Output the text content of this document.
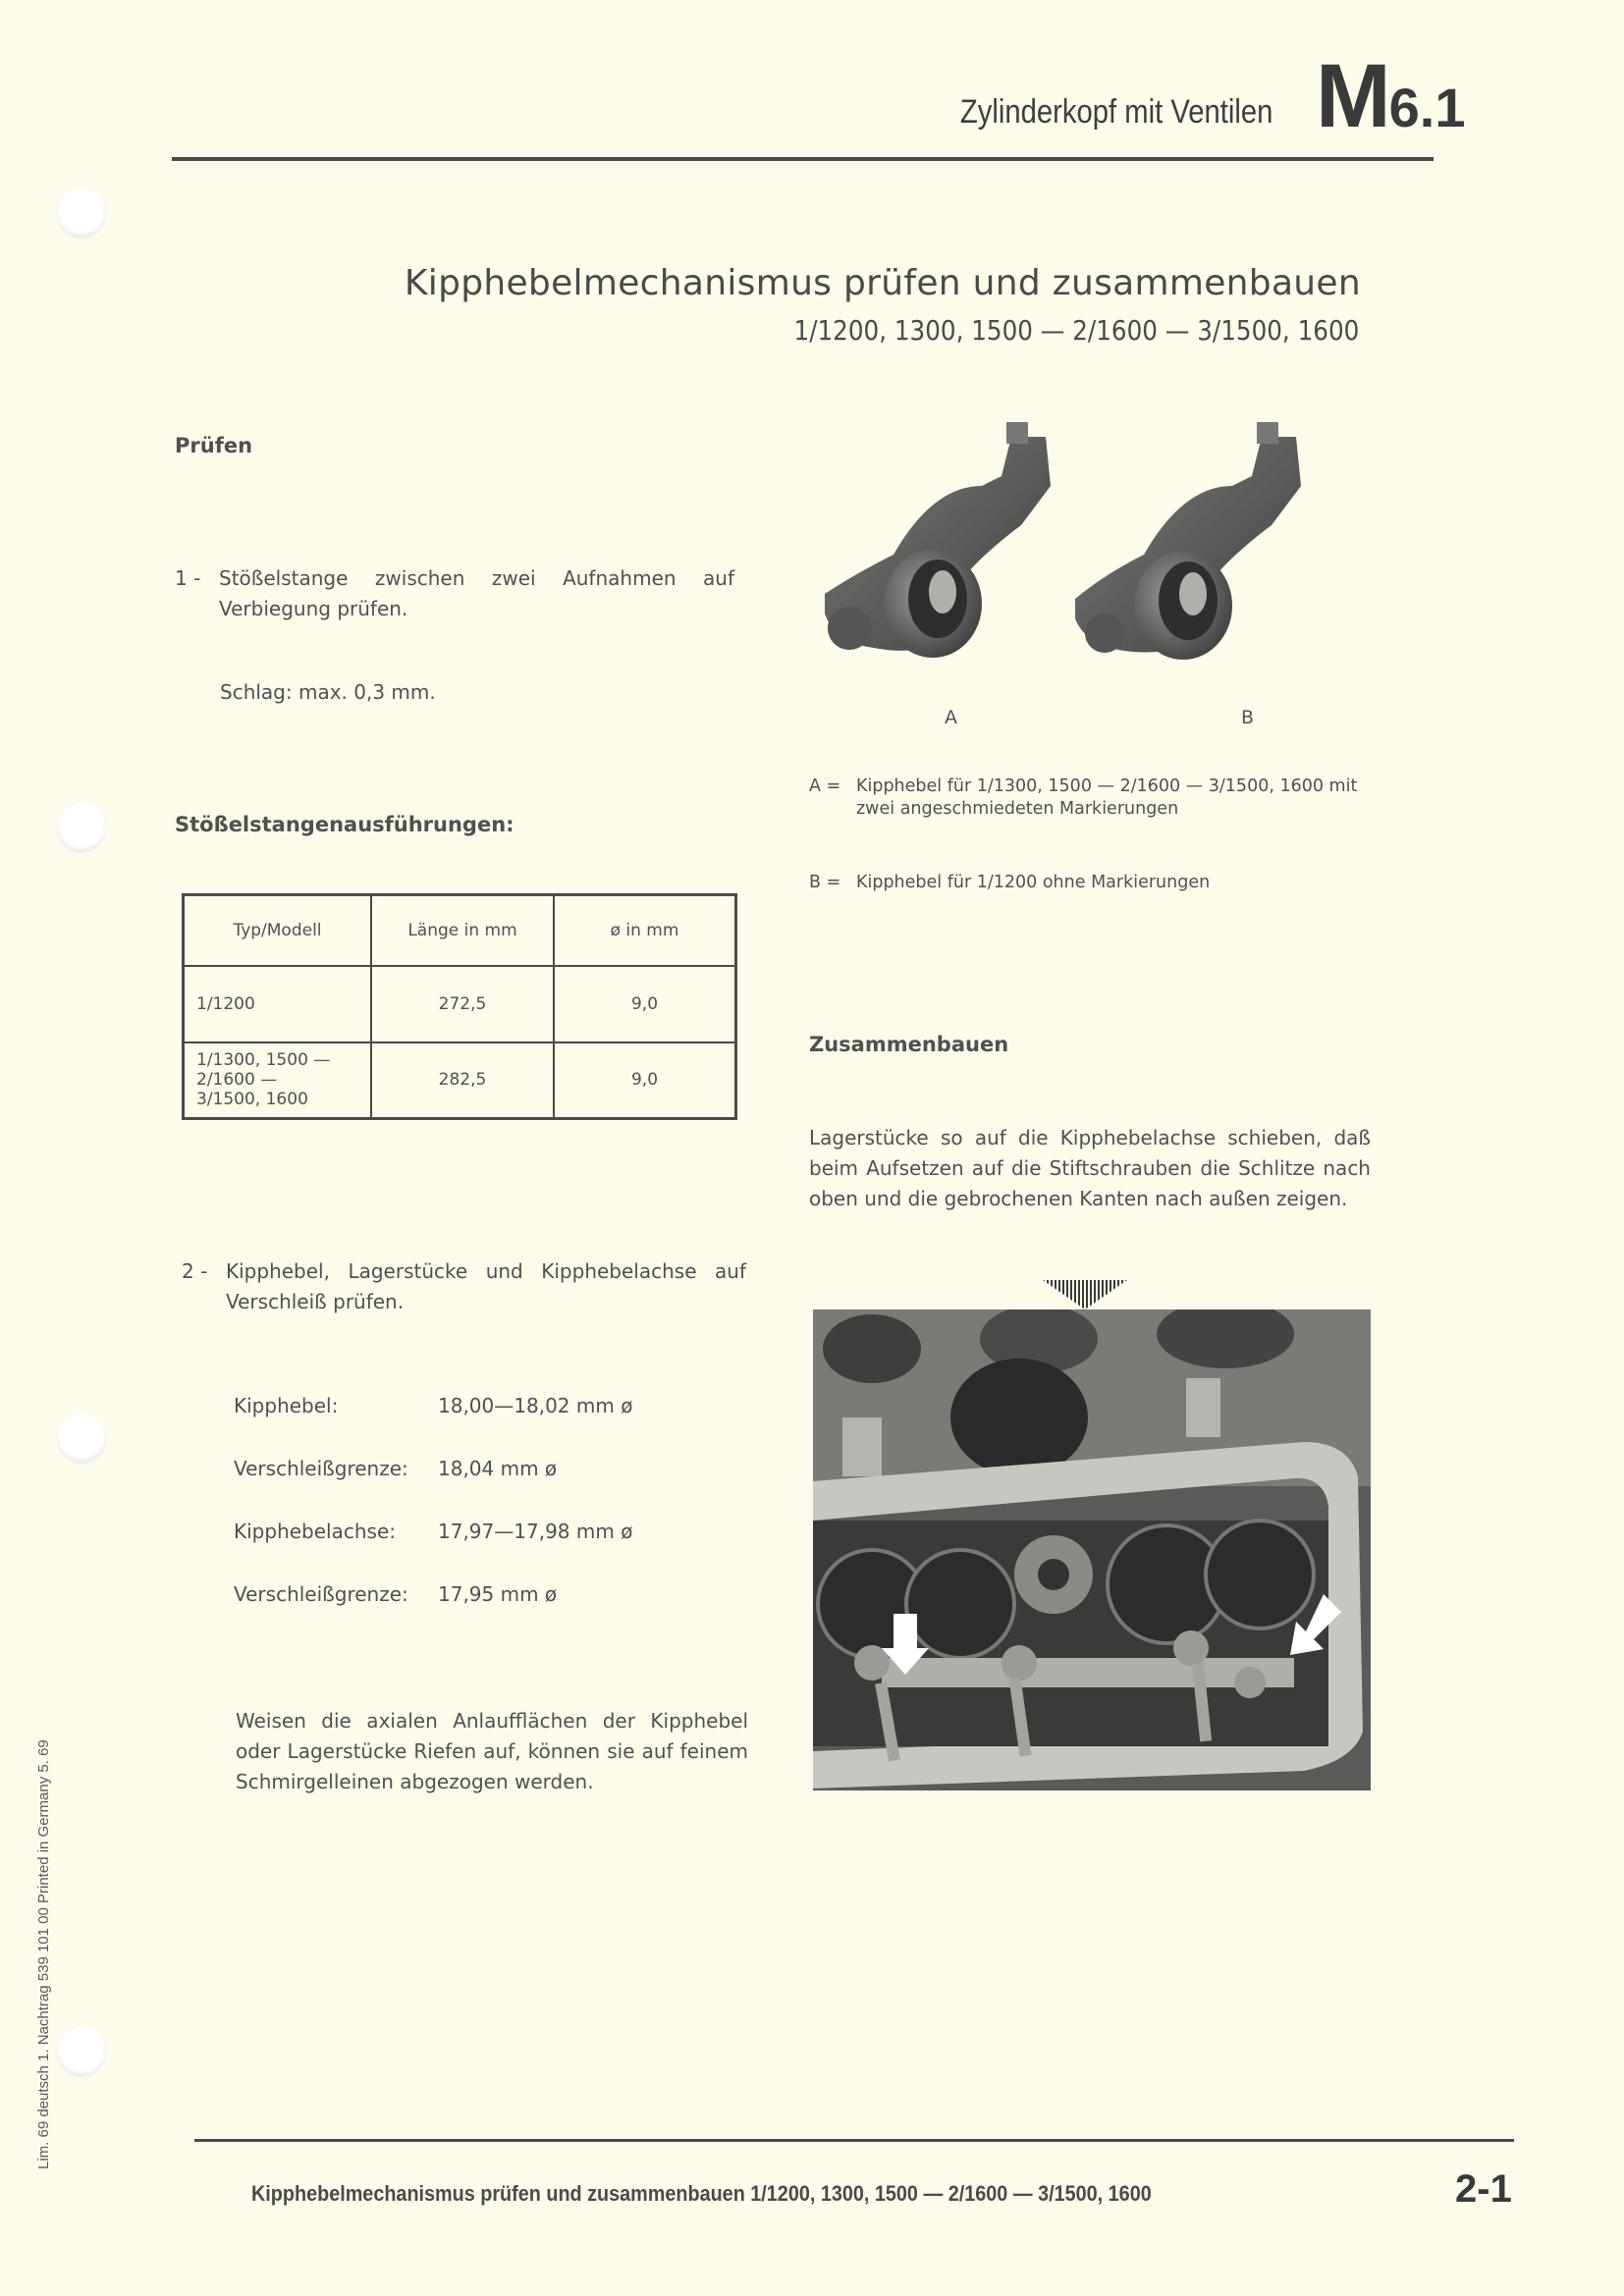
Zylinderkopf mit Ventilen M6.1
Kipphebelmechanismus prüfen und zusammenbauen
1/1200, 1300, 1500 — 2/1600 — 3/1500, 1600
Prüfen
1 - Stößelstange zwischen zwei Aufnahmen auf Verbiegung prüfen.
Schlag: max. 0,3 mm.
Stößelstangenausführungen:
Typ/Modell	Länge in mm	ø in mm
1/1200	272,5	9,0
1/1300, 1500 —
2/1600 —
3/1500, 1600	282,5	9,0
2 - Kipphebel, Lagerstücke und Kipphebelachse auf Verschleiß prüfen.
Kipphebel:	18,00—18,02 mm ø
Verschleißgrenze:	18,04 mm ø
Kipphebelachse:	17,97—17,98 mm ø
Verschleißgrenze:	17,95 mm ø
Weisen die axialen Anlaufflächen der Kipphebel oder Lagerstücke Riefen auf, können sie auf feinem Schmirgelleinen abgezogen werden.
A	B
A = Kipphebel für 1/1300, 1500 — 2/1600 — 3/1500, 1600 mit zwei angeschmiedeten Markierungen
B = Kipphebel für 1/1200 ohne Markierungen
Zusammenbauen
Lagerstücke so auf die Kipphebelachse schieben, daß beim Aufsetzen auf die Stiftschrauben die Schlitze nach oben und die gebrochenen Kanten nach außen zeigen.
Lim. 69 deutsch 1. Nachtrag 539 101 00 Printed in Germany 5. 69
Kipphebelmechanismus prüfen und zusammenbauen 1/1200, 1300, 1500 — 2/1600 — 3/1500, 1600	2-1
